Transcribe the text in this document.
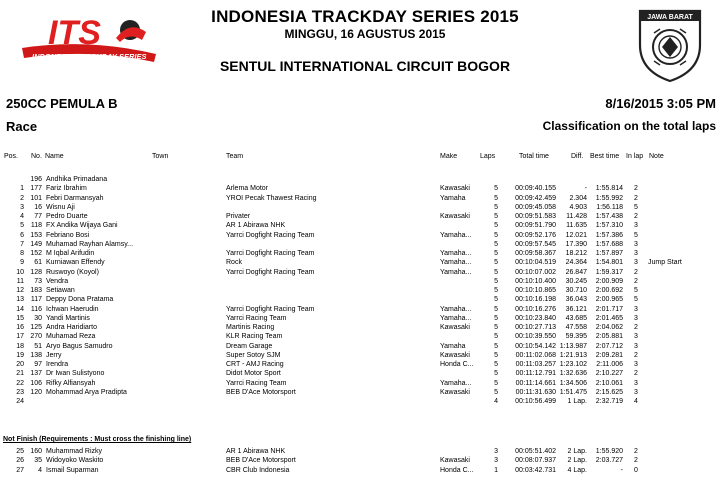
ITS
INDONESIA TRACKDAY SERIES
INDONESIA TRACKDAY SERIES 2015
MINGGU, 16 AGUSTUS 2015
SENTUL INTERNATIONAL CIRCUIT BOGOR
JAWA BARAT
250CC PEMULA B	8/16/2015 3:05 PM
Race	Classification on the total laps
Pos.	No. Name	Town	Team	Make	Laps	Total time	Diff. Best time In lap Note
196 Andhika Primadana
1 177 Fariz Ibrahim	Arlema Motor	Kawasaki	5	00:09:40.155	-	1:55.814	2
2 101 Febri Darmansyah	YROI Pecak Thawest Racing	Yamaha	5	00:09:42.459	2.304	1:55.992	2
3	16 Wisnu Aji	5	00:09:45.058	4.903	1:56.118	5
4	77 Pedro Duarte	Privater	Kawasaki	5	00:09:51.583	11.428	1:57.438	2
5 118 FX Andika Wijaya Gani	AR 1 Abirawa NHK	5	00:09:51.790	11.635	1:57.310	3
6 153 Febriano Bosi	Yarrci Dogfight Racing Team	Yamaha...	5	00:09:52.176	12.021	1:57.386	5
7 149 Muhamad Rayhan Alamsy...	5	00:09:57.545	17.390	1:57.688	3
8 152 M Iqbal Arifudin	Yarrci Dogfight Racing Team	Yamaha...	5	00:09:58.367	18.212	1:57.897	3
9	61 Kurniawan Effendy	Rock	Yamaha...	5	00:10:04.519	24.364	1:54.801	3	Jump Start
10 128 Ruswoyo (Koyol)	Yarrci Dogfight Racing Team	Yamaha...	5	00:10:07.002	26.847	1:59.317	2
11	73 Vendra	5	00:10:10.400	30.245	2:00.909	2
12 183 Setiawan	5	00:10:10.865	30.710	2:00.692	5
13 117 Deppy Dona Pratama	5	00:10:16.198	36.043	2:00.965	5
14 116 Ichwan Haerudin	Yarrci Dogfight Racing Team	Yamaha...	5	00:10:16.276	36.121	2:01.717	3
15	30 Yandi Martinis	Yarrci Racing Team	Yamaha...	5	00:10:23.840	43.685	2:01.465	3
16 125 Andra Haridiarto	Martinis Racing	Kawasaki	5	00:10:27.713	47.558	2:04.062	2
17 270 Muhamad Reza	KLR Racing Team	5	00:10:39.550	59.395	2:05.881	3
18	51 Aryo Bagus Samudro	Dream Garage	Yamaha	5	00:10:54.142 1:13.987	2:07.712	3
19 138 Jerry	Super Sotoy SJM	Kawasaki	5	00:11:02.068 1:21.913	2:09.281	2
20	97 Irendra	CRT - AMJ Racing	Honda C...	5	00:11:03.257 1:23.102	2:11.006	3
21 137 Dr Iwan Sulistyono	Didot Motor Sport	5	00:11:12.791 1:32.636	2:10.227	2
22 106 Rifky Alfiansyah	Yarrci Racing Team	Yamaha...	5	00:11:14.661 1:34.506	2:10.061	3
23 120 Mohammad Arya Pradipta	BEB D'Ace Motorsport	Kawasaki	5	00:11:31.630 1:51.475	2:15.625	3
24	4	00:10:56.499	1 Lap.	2:32.719	4
Not Finish (Requirements : Must cross the finishing line)
25 160 Muhammad Rizky	AR 1 Abirawa NHK	3	00:05:51.402	2 Lap.	1:55.920	2
26	35 Widoyoko Waskito	BEB D'Ace Motorsport	Kawasaki	3	00:08:07.937	2 Lap.	2:03.727	2
27	4 Ismail Suparman	CBR Club Indonesia	Honda C...	1	00:03:42.731	4 Lap.	-	0
